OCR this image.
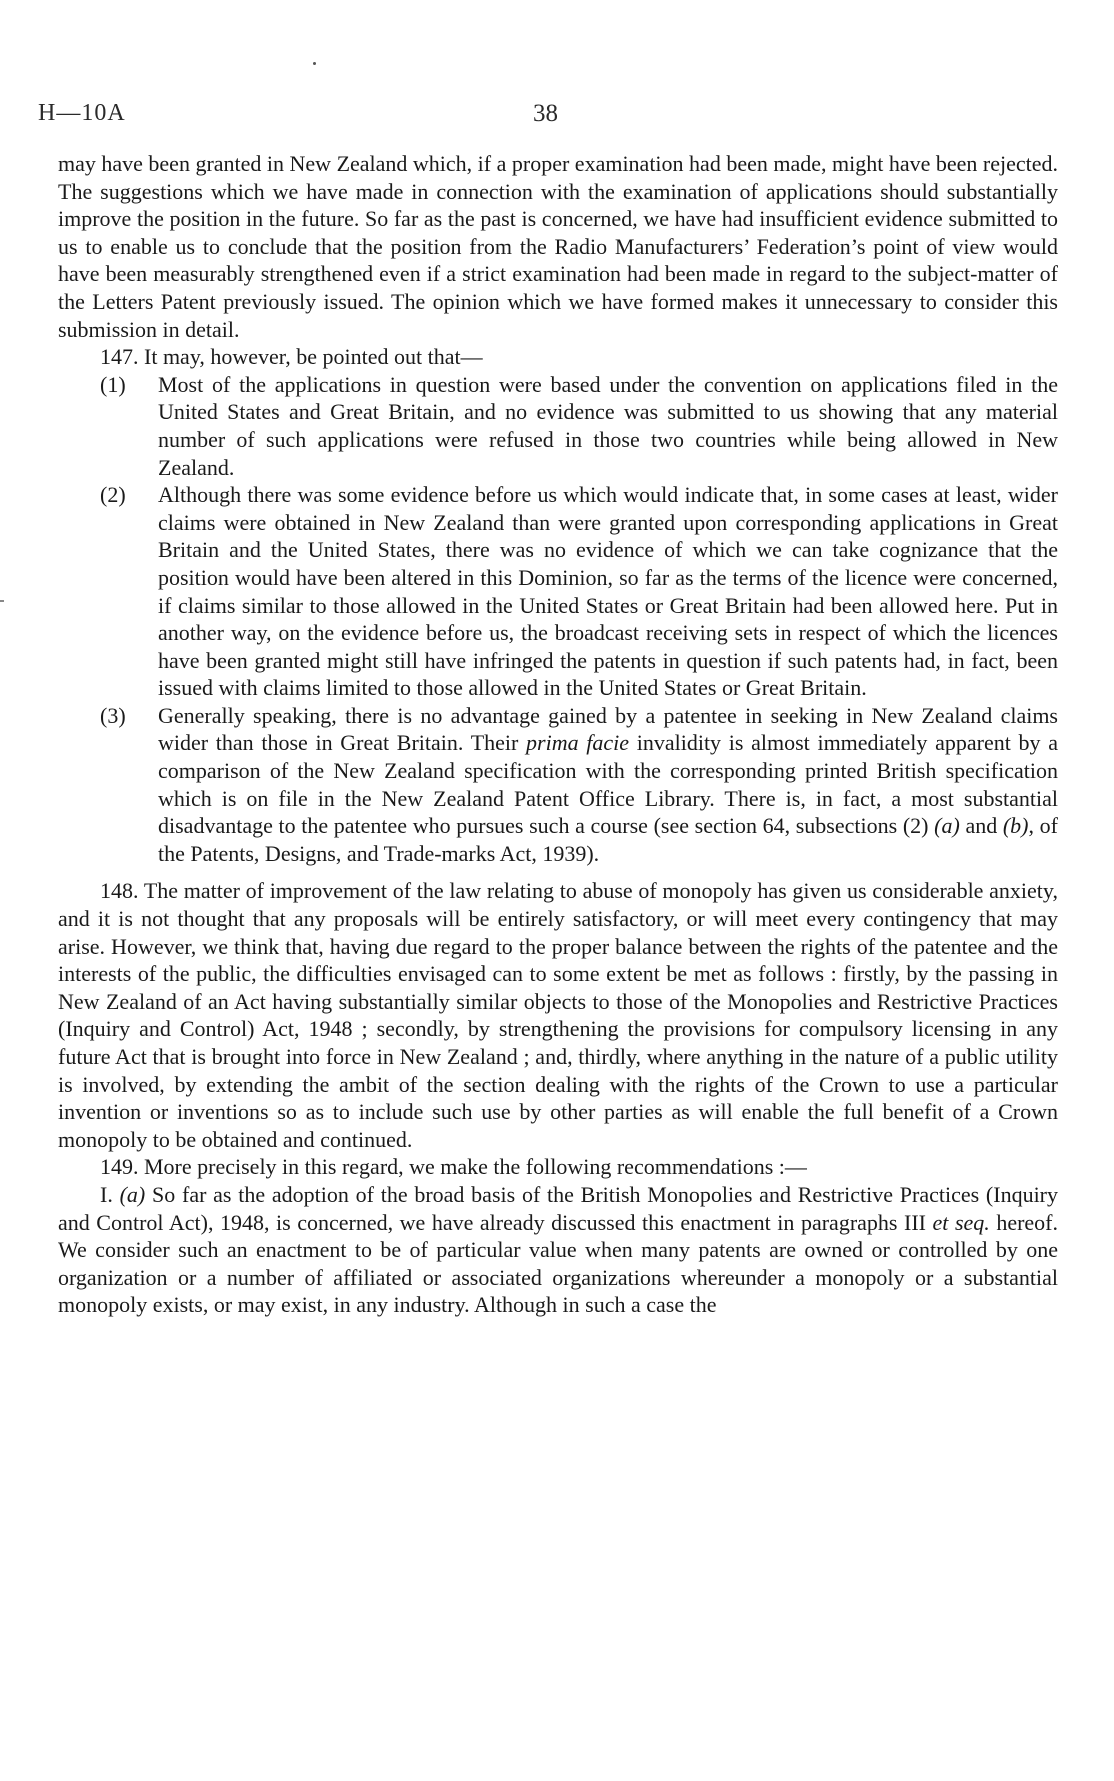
H—10A	38

may have been granted in New Zealand which, if a proper examination had been made, might have been rejected. The suggestions which we have made in connection with the examination of applications should substantially improve the position in the future. So far as the past is concerned, we have had insufficient evidence submitted to us to enable us to conclude that the position from the Radio Manufacturers’ Federation’s point of view would have been measurably strengthened even if a strict examination had been made in regard to the subject-matter of the Letters Patent previously issued. The opinion which we have formed makes it unnecessary to consider this submission in detail.

147. It may, however, be pointed out that—

(1)	Most of the applications in question were based under the convention on applications filed in the United States and Great Britain, and no evidence was submitted to us showing that any material number of such applications were refused in those two countries while being allowed in New Zealand.
(2)	Although there was some evidence before us which would indicate that, in some cases at least, wider claims were obtained in New Zealand than were granted upon corresponding applications in Great Britain and the United States, there was no evidence of which we can take cognizance that the position would have been altered in this Dominion, so far as the terms of the licence were concerned, if claims similar to those allowed in the United States or Great Britain had been allowed here. Put in another way, on the evidence before us, the broadcast receiving sets in respect of which the licences have been granted might still have infringed the patents in question if such patents had, in fact, been issued with claims limited to those allowed in the United States or Great Britain.
(3)	Generally speaking, there is no advantage gained by a patentee in seeking in New Zealand claims wider than those in Great Britain. Their prima facie invalidity is almost immediately apparent by a comparison of the New Zealand specification with the corresponding printed British specification which is on file in the New Zealand Patent Office Library. There is, in fact, a most substantial disadvantage to the patentee who pursues such a course (see section 64, subsections (2) (a) and (b), of the Patents, Designs, and Trade-marks Act, 1939).

148. The matter of improvement of the law relating to abuse of monopoly has given us considerable anxiety, and it is not thought that any proposals will be entirely satisfactory, or will meet every contingency that may arise. However, we think that, having due regard to the proper balance between the rights of the patentee and the interests of the public, the difficulties envisaged can to some extent be met as follows : firstly, by the passing in New Zealand of an Act having substantially similar objects to those of the Monopolies and Restrictive Practices (Inquiry and Control) Act, 1948 ; secondly, by strengthening the provisions for compulsory licensing in any future Act that is brought into force in New Zealand ; and, thirdly, where anything in the nature of a public utility is involved, by extending the ambit of the section dealing with the rights of the Crown to use a particular invention or inventions so as to include such use by other parties as will enable the full benefit of a Crown monopoly to be obtained and continued.

149. More precisely in this regard, we make the following recommendations :—

I. (a) So far as the adoption of the broad basis of the British Monopolies and Restrictive Practices (Inquiry and Control Act), 1948, is concerned, we have already discussed this enactment in paragraphs III et seq. hereof. We consider such an enactment to be of particular value when many patents are owned or controlled by one organization or a number of affiliated or associated organizations whereunder a monopoly or a substantial monopoly exists, or may exist, in any industry. Although in such a case the
